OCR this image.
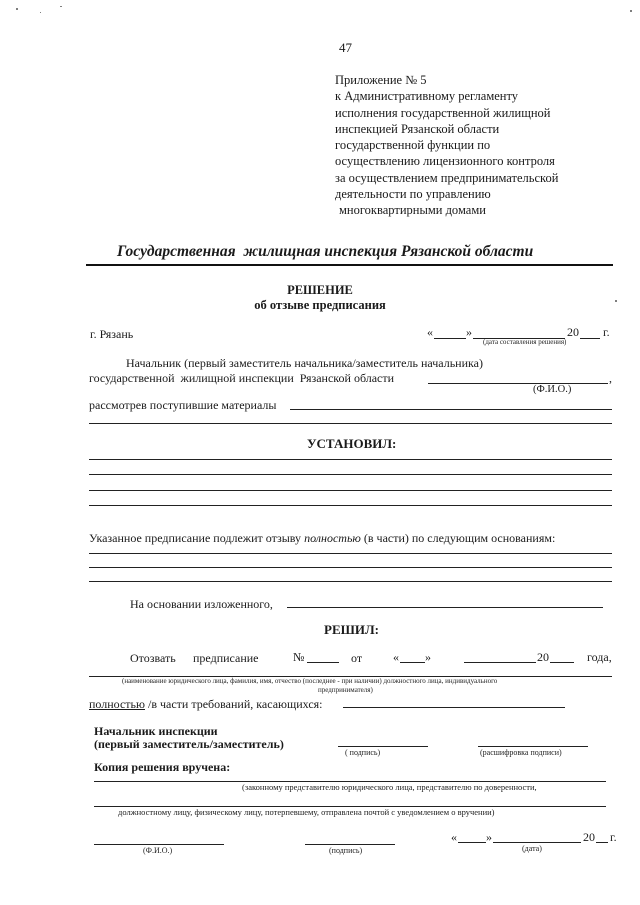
47
Приложение № 5
к Административному регламенту
исполнения государственной жилищной
инспекцией Рязанской области
государственной функции по
осуществлению лицензионного контроля
за осуществлением предпринимательской
деятельности по управлению
многоквартирными домами
Государственная  жилищная инспекция Рязанской области
РЕШЕНИЕ
об отзыве предписания
г. Рязань	«	»	20 г.
(дата составления решения)
Начальник (первый заместитель начальника/заместитель начальника)
государственной  жилищной инспекции  Рязанской области	,
(Ф.И.О.)
рассмотрев поступившие материалы
УСТАНОВИЛ:
Указанное предписание подлежит отзыву полностью (в части) по следующим основаниям:
На основании изложенного,
РЕШИЛ:
Отозвать предписание	№	от	« »	20	года,
(наименование юридического лица, фамилия, имя, отчество (последнее - при наличии) должностного лица, индивидуального
предпринимателя)
полностью /в части требований, касающихся:
Начальник инспекции
(первый заместитель/заместитель)
( подпись)	(расшифровка подписи)
Копия решения вручена:
(законному представителю юридического лица, представителю по доверенности,
должностному лицу, физическому лицу, потерпевшему, отправлена почтой с уведомлением о вручении)
(Ф.И.О.)	(подпись)
« »	20 г.
(дата)
